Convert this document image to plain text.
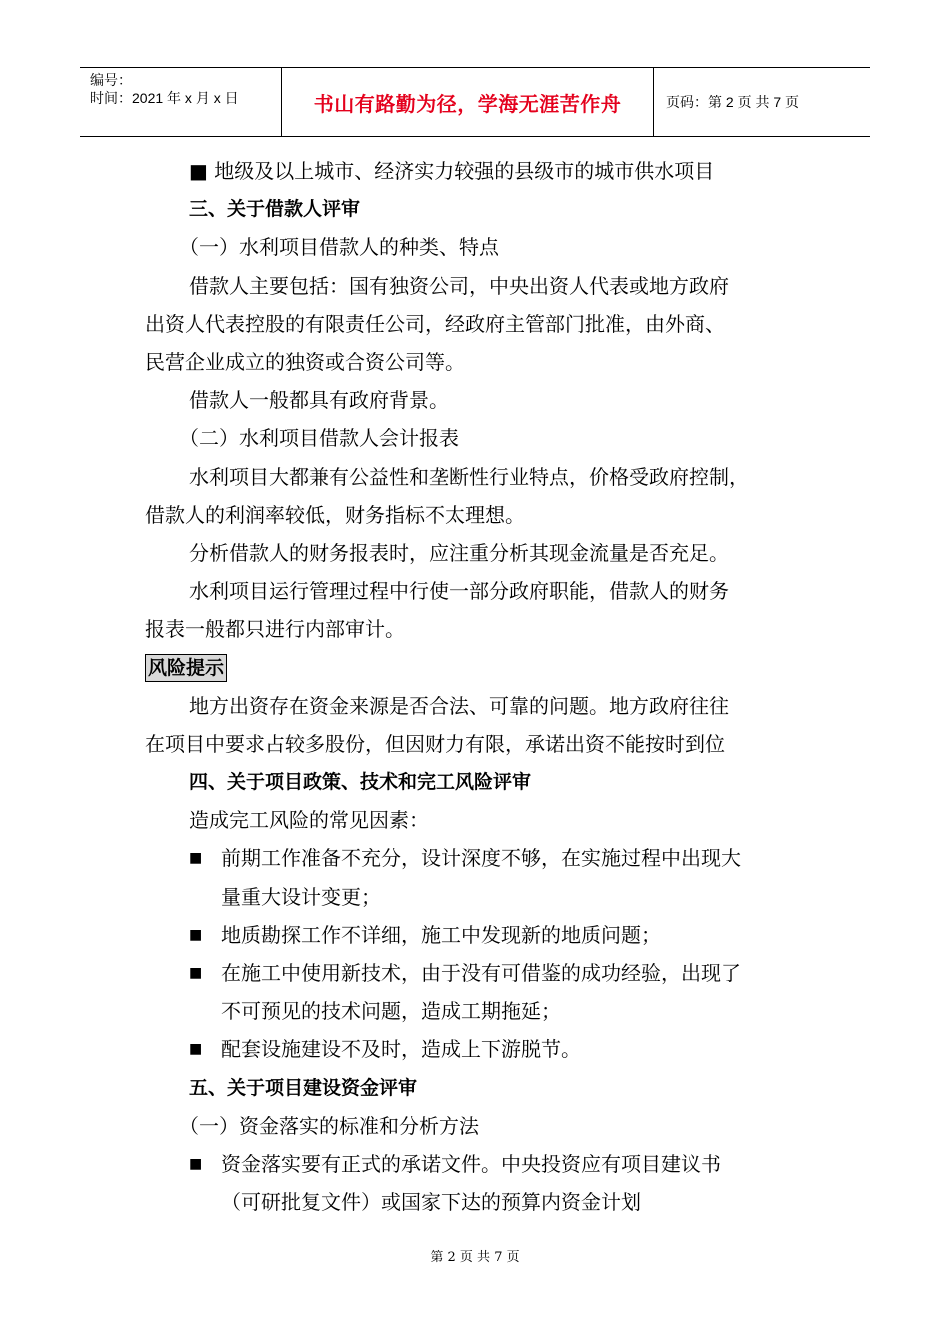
编号：
时间：2021 年 x 月 x 日	书山有路勤为径，学海无涯苦作舟	页码：第 2 页 共 7 页
■ 地级及以上城市、经济实力较强的县级市的城市供水项目
三、关于借款人评审
（一）水利项目借款人的种类、特点
借款人主要包括：国有独资公司，中央出资人代表或地方政府
出资人代表控股的有限责任公司，经政府主管部门批准，由外商、
民营企业成立的独资或合资公司等。
借款人一般都具有政府背景。
（二）水利项目借款人会计报表
水利项目大都兼有公益性和垄断性行业特点，价格受政府控制，
借款人的利润率较低，财务指标不太理想。
分析借款人的财务报表时，应注重分析其现金流量是否充足。
水利项目运行管理过程中行使一部分政府职能，借款人的财务
报表一般都只进行内部审计。
风险提示
地方出资存在资金来源是否合法、可靠的问题。地方政府往往
在项目中要求占较多股份，但因财力有限，承诺出资不能按时到位
四、关于项目政策、技术和完工风险评审
造成完工风险的常见因素：
■ 前期工作准备不充分，设计深度不够，在实施过程中出现大
量重大设计变更；
■ 地质勘探工作不详细，施工中发现新的地质问题；
■ 在施工中使用新技术，由于没有可借鉴的成功经验，出现了
不可预见的技术问题，造成工期拖延；
■ 配套设施建设不及时，造成上下游脱节。
五、关于项目建设资金评审
（一）资金落实的标准和分析方法
■ 资金落实要有正式的承诺文件。中央投资应有项目建议书
（可研批复文件）或国家下达的预算内资金计划
第 2 页 共 7 页
